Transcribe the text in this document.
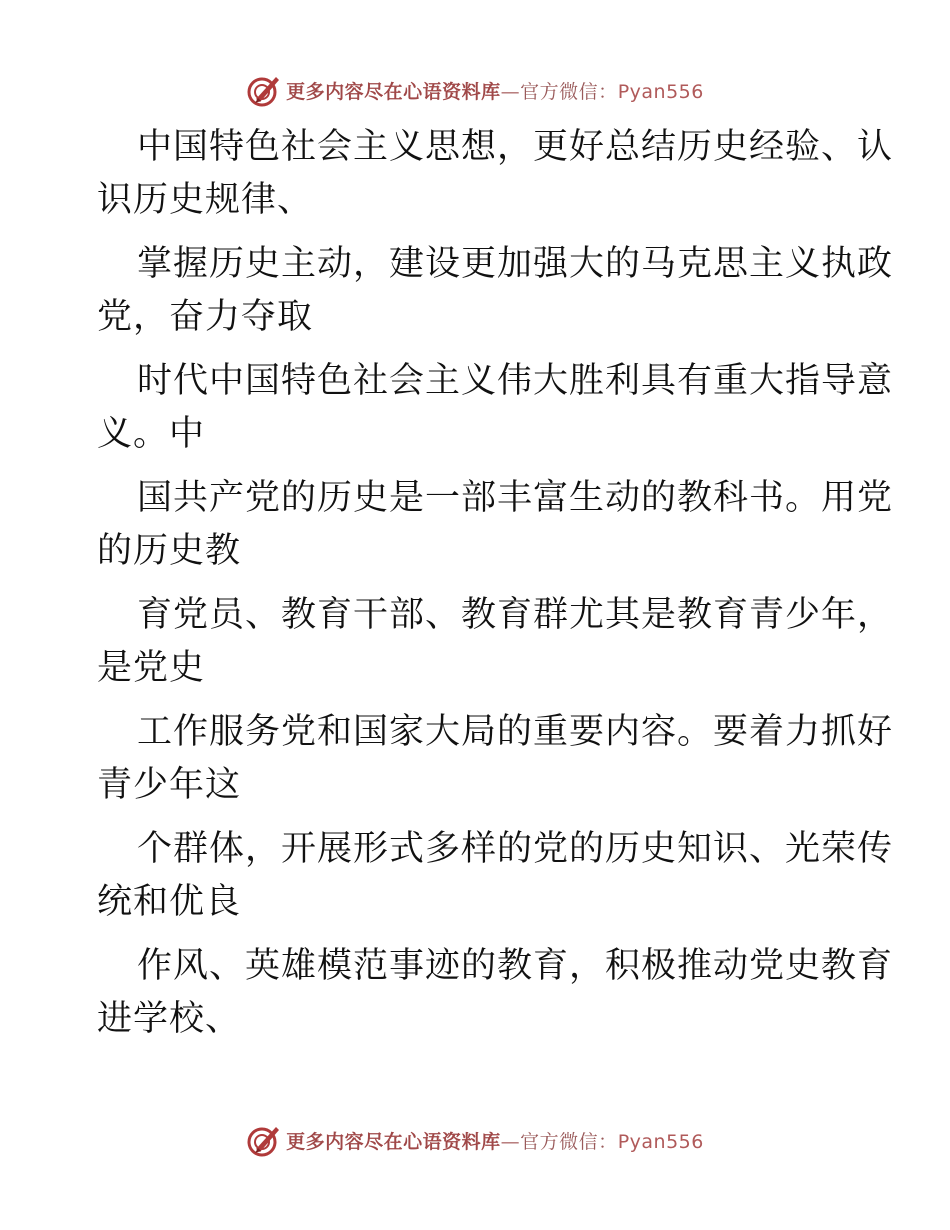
更多内容尽在心语资料库—官方微信：Pyan556
中国特色社会主义思想，更好总结历史经验、认
识历史规律、
掌握历史主动，建设更加强大的马克思主义执政
党，奋力夺取
时代中国特色社会主义伟大胜利具有重大指导意
义。中
国共产党的历史是一部丰富生动的教科书。用党
的历史教
育党员、教育干部、教育群尤其是教育青少年，
是党史
工作服务党和国家大局的重要内容。要着力抓好
青少年这
个群体，开展形式多样的党的历史知识、光荣传
统和优良
作风、英雄模范事迹的教育，积极推动党史教育
进学校、
更多内容尽在心语资料库—官方微信：Pyan556
